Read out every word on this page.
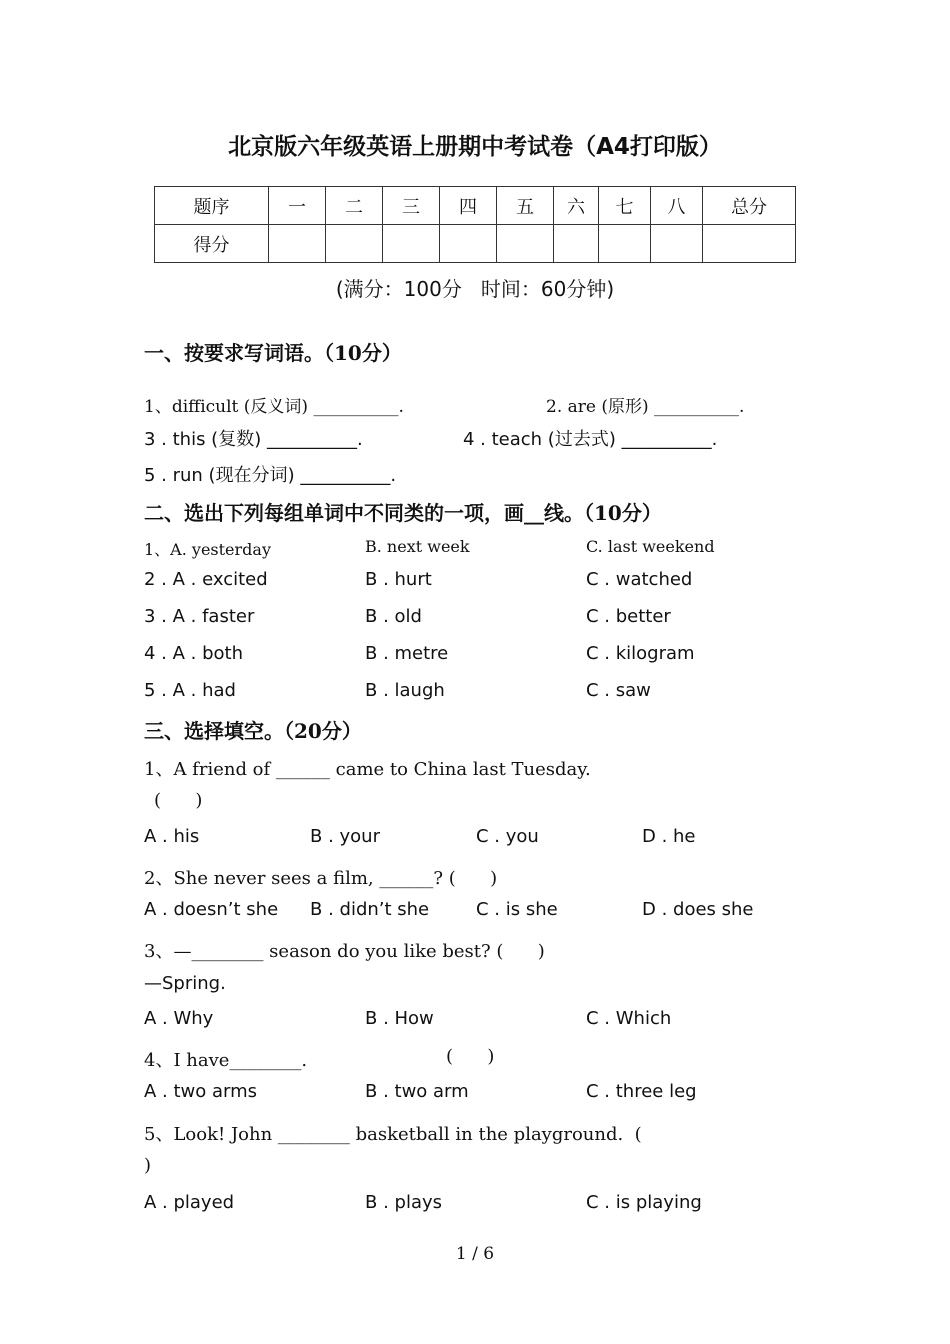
北京版六年级英语上册期中考试卷（A4打印版）
题序	一	二	三	四	五	六	七	八	总分
得分									
(满分：100分   时间：60分钟)
一、按要求写词语。（10分）
1、difficult (反义词) __________.	2. are (原形) __________.
3 . this (复数) __________.	4 . teach (过去式) __________.
5 . run (现在分词) __________.
二、选出下列每组单词中不同类的一项，画__线。（10分）
1、A. yesterday	B. next week	C. last weekend
2 . A . excited	B . hurt	C . watched
3 . A . faster	B . old	C . better
4 . A . both	B . metre	C . kilogram
5 . A . had	B . laugh	C . saw
三、选择填空。（20分）
1、A friend of ______ came to China last Tuesday.
(      )
A . his	B . your	C . you	D . he
2、She never sees a film, ______? (      )
A . doesn’t she B . didn’t she	C . is she	D . does she
3、—________ season do you like best? (      )
—Spring.
A . Why	B . How	C . Which
4、I have________.	(      )
A . two arms	B . two arm	C . three leg
5、Look! John ________ basketball in the playground.  (
)
A . played	B . plays	C . is playing
1 / 6
